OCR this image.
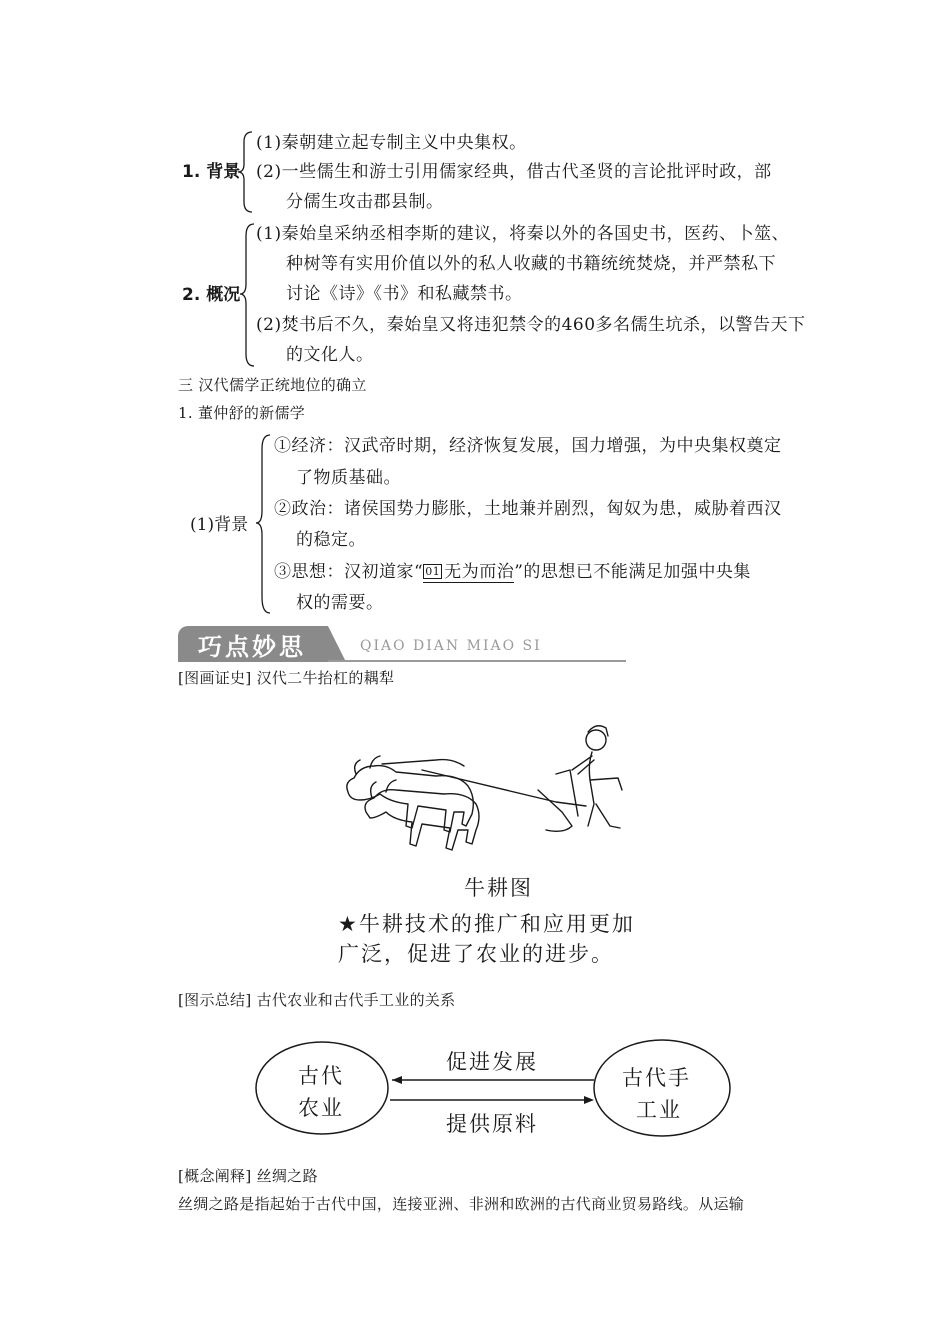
1. 背景
(1)秦朝建立起专制主义中央集权。
(2)一些儒生和游士引用儒家经典，借古代圣贤的言论批评时政，部
分儒生攻击郡县制。
2. 概况
(1)秦始皇采纳丞相李斯的建议，将秦以外的各国史书，医药、卜筮、
种树等有实用价值以外的私人收藏的书籍统统焚烧，并严禁私下
讨论《诗》《书》和私藏禁书。
(2)焚书后不久，秦始皇又将违犯禁令的460多名儒生坑杀，以警告天下
的文化人。
三 汉代儒学正统地位的确立
1. 董仲舒的新儒学
(1)背景
①经济：汉武帝时期，经济恢复发展，国力增强，为中央集权奠定
了物质基础。
②政治：诸侯国势力膨胀，土地兼并剧烈，匈奴为患，威胁着西汉
的稳定。
③思想：汉初道家“ 01 无为而治”的思想已不能满足加强中央集
权的需要。
巧点妙思	QIAO DIAN MIAO SI
[图画证史] 汉代二牛抬杠的耦犁
牛耕图
★牛耕技术的推广和应用更加
广泛，促进了农业的进步。
[图示总结] 古代农业和古代手工业的关系
古代
农业
古代手
工业
促进发展
提供原料
[概念阐释] 丝绸之路
丝绸之路是指起始于古代中国，连接亚洲、非洲和欧洲的古代商业贸易路线。从运输
